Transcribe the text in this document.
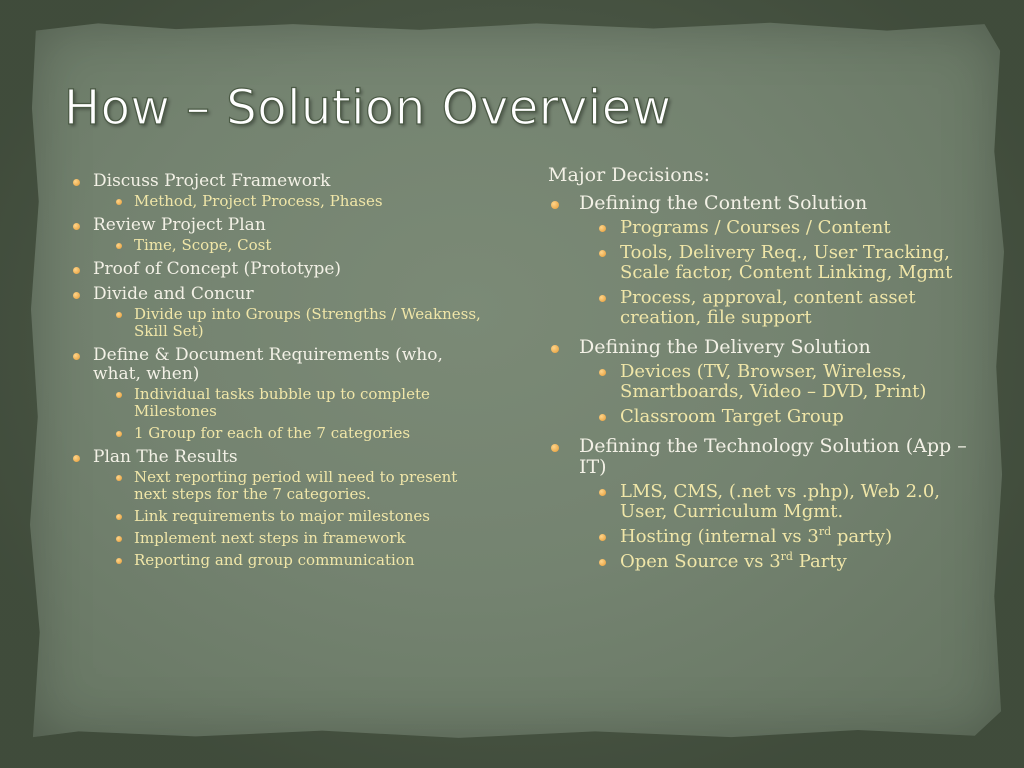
How – Solution Overview
Discuss Project Framework
Method, Project Process, Phases
Review Project Plan
Time, Scope, Cost
Proof of Concept (Prototype)
Divide and Concur
Divide up into Groups (Strengths / Weakness, Skill Set)
Define & Document Requirements (who, what, when)
Individual tasks bubble up to complete Milestones
1 Group for each of the 7 categories
Plan The Results
Next reporting period will need to present next steps for the 7 categories.
Link requirements to major milestones
Implement next steps in framework
Reporting and group communication
Major Decisions:
Defining the Content Solution
Programs / Courses / Content
Tools, Delivery Req., User Tracking, Scale factor, Content Linking, Mgmt
Process, approval, content asset creation, file support
Defining the Delivery Solution
Devices (TV, Browser, Wireless, Smartboards, Video – DVD, Print)
Classroom Target Group
Defining the Technology Solution (App – IT)
LMS, CMS, (.net vs .php), Web 2.0, User, Curriculum Mgmt.
Hosting (internal vs 3rd party)
Open Source vs 3rd Party
